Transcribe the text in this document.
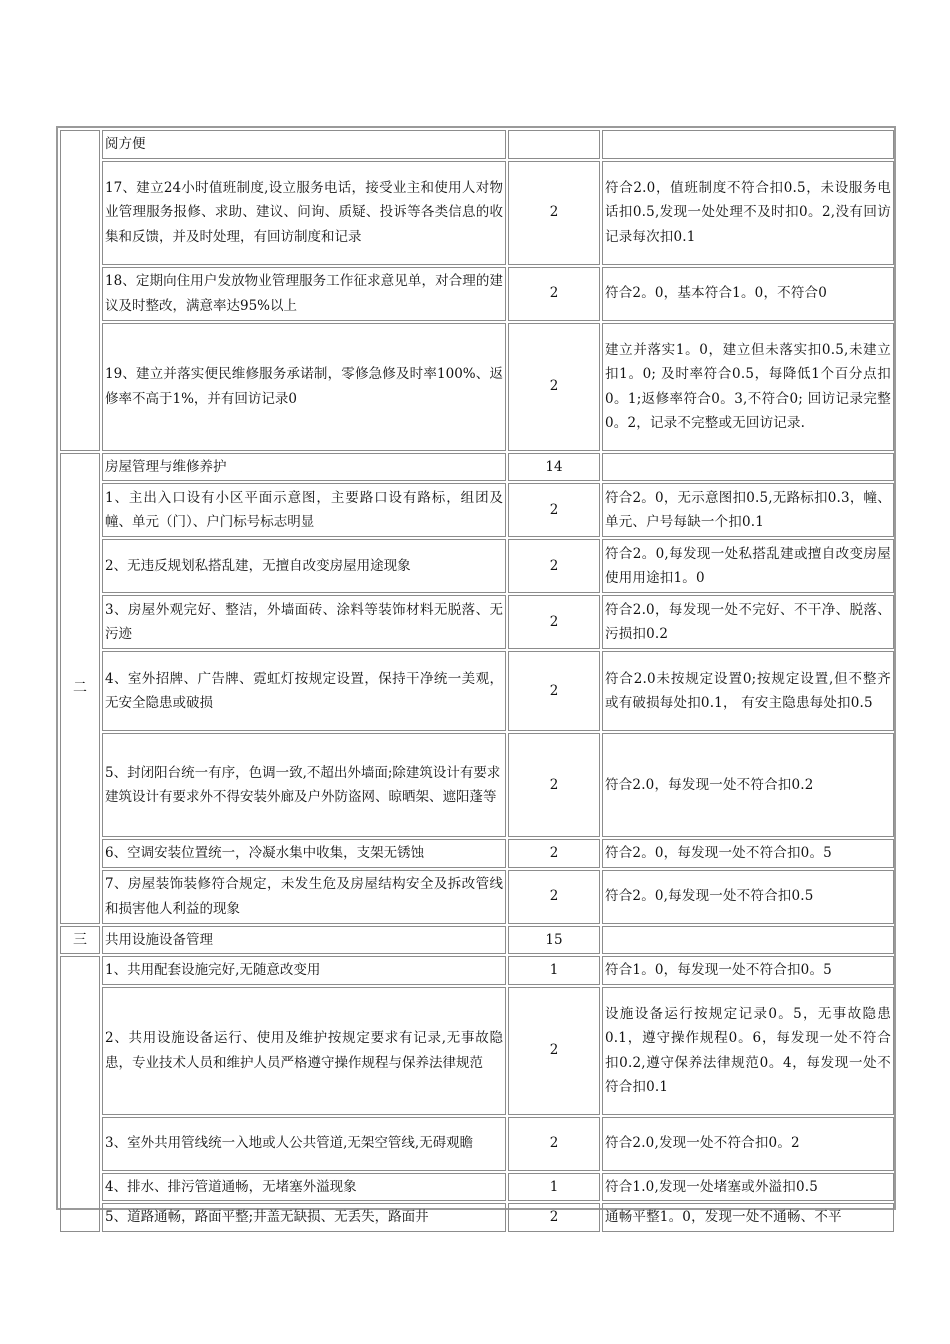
	阅方便		
	17、建立24小时值班制度,设立服务电话，接受业主和使用人对物业管理服务报修、求助、建议、问询、质疑、投诉等各类信息的收集和反馈，并及时处理，有回访制度和记录	2	符合2.0，值班制度不符合扣0.5，未设服务电话扣0.5,发现一处处理不及时扣0。2,没有回访记录每次扣0.1
	18、定期向住用户发放物业管理服务工作征求意见单，对合理的建议及时整改，满意率达95%以上	2	符合2。0，基本符合1。0，不符合0
	19、建立并落实便民维修服务承诺制，零修急修及时率100%、返修率不高于1%，并有回访记录0	2	建立并落实1。0，建立但未落实扣0.5,未建立扣1。0; 及时率符合0.5，每降低1个百分点扣0。1;返修率符合0。3,不符合0; 回访记录完整0。2，记录不完整或无回访记录.
二	房屋管理与维修养护	14	
	1、主出入口设有小区平面示意图，主要路口设有路标，组团及幢、单元（门）、户门标号标志明显	2	符合2。0，无示意图扣0.5,无路标扣0.3，幢、单元、户号每缺一个扣0.1
	2、无违反规划私搭乱建，无擅自改变房屋用途现象	2	符合2。0,每发现一处私搭乱建或擅自改变房屋使用用途扣1。0
	3、房屋外观完好、整洁，外墙面砖、涂料等装饰材料无脱落、无污迹	2	符合2.0，每发现一处不完好、不干净、脱落、污损扣0.2
	4、室外招牌、广告牌、霓虹灯按规定设置，保持干净统一美观，无安全隐患或破损	2	符合2.0未按规定设置0;按规定设置,但不整齐或有破损每处扣0.1， 有安主隐患每处扣0.5
	5、封闭阳台统一有序，色调一致,不超出外墙面;除建筑设计有要求
建筑设计有要求外不得安装外廊及户外防盗网、晾晒架、遮阳蓬等	2	符合2.0，每发现一处不符合扣0.2
	6、空调安装位置统一，冷凝水集中收集，支架无锈蚀	2	符合2。0，每发现一处不符合扣0。5
	7、房屋装饰装修符合规定，未发生危及房屋结构安全及拆改管线和损害他人利益的现象	2	符合2。0,每发现一处不符合扣0.5
三	共用设施设备管理	15	
	1、共用配套设施完好,无随意改变用	1	符合1。0，每发现一处不符合扣0。5
	2、共用设施设备运行、使用及维护按规定要求有记录,无事故隐患，专业技术人员和维护人员严格遵守操作规程与保养法律规范	2	设施设备运行按规定记录0。5，无事故隐患0.1，遵守操作规程0。6，每发现一处不符合扣0.2,遵守保养法律规范0。4，每发现一处不符合扣0.1
	3、室外共用管线统一入地或人公共管道,无架空管线,无碍观瞻	2	符合2.0,发现一处不符合扣0。2
	4、排水、排污管道通畅，无堵塞外溢现象	1	符合1.0,发现一处堵塞或外溢扣0.5
	5、道路通畅，路面平整;井盖无缺损、无丢失，路面井	2	通畅平整1。0，发现一处不通畅、不平
